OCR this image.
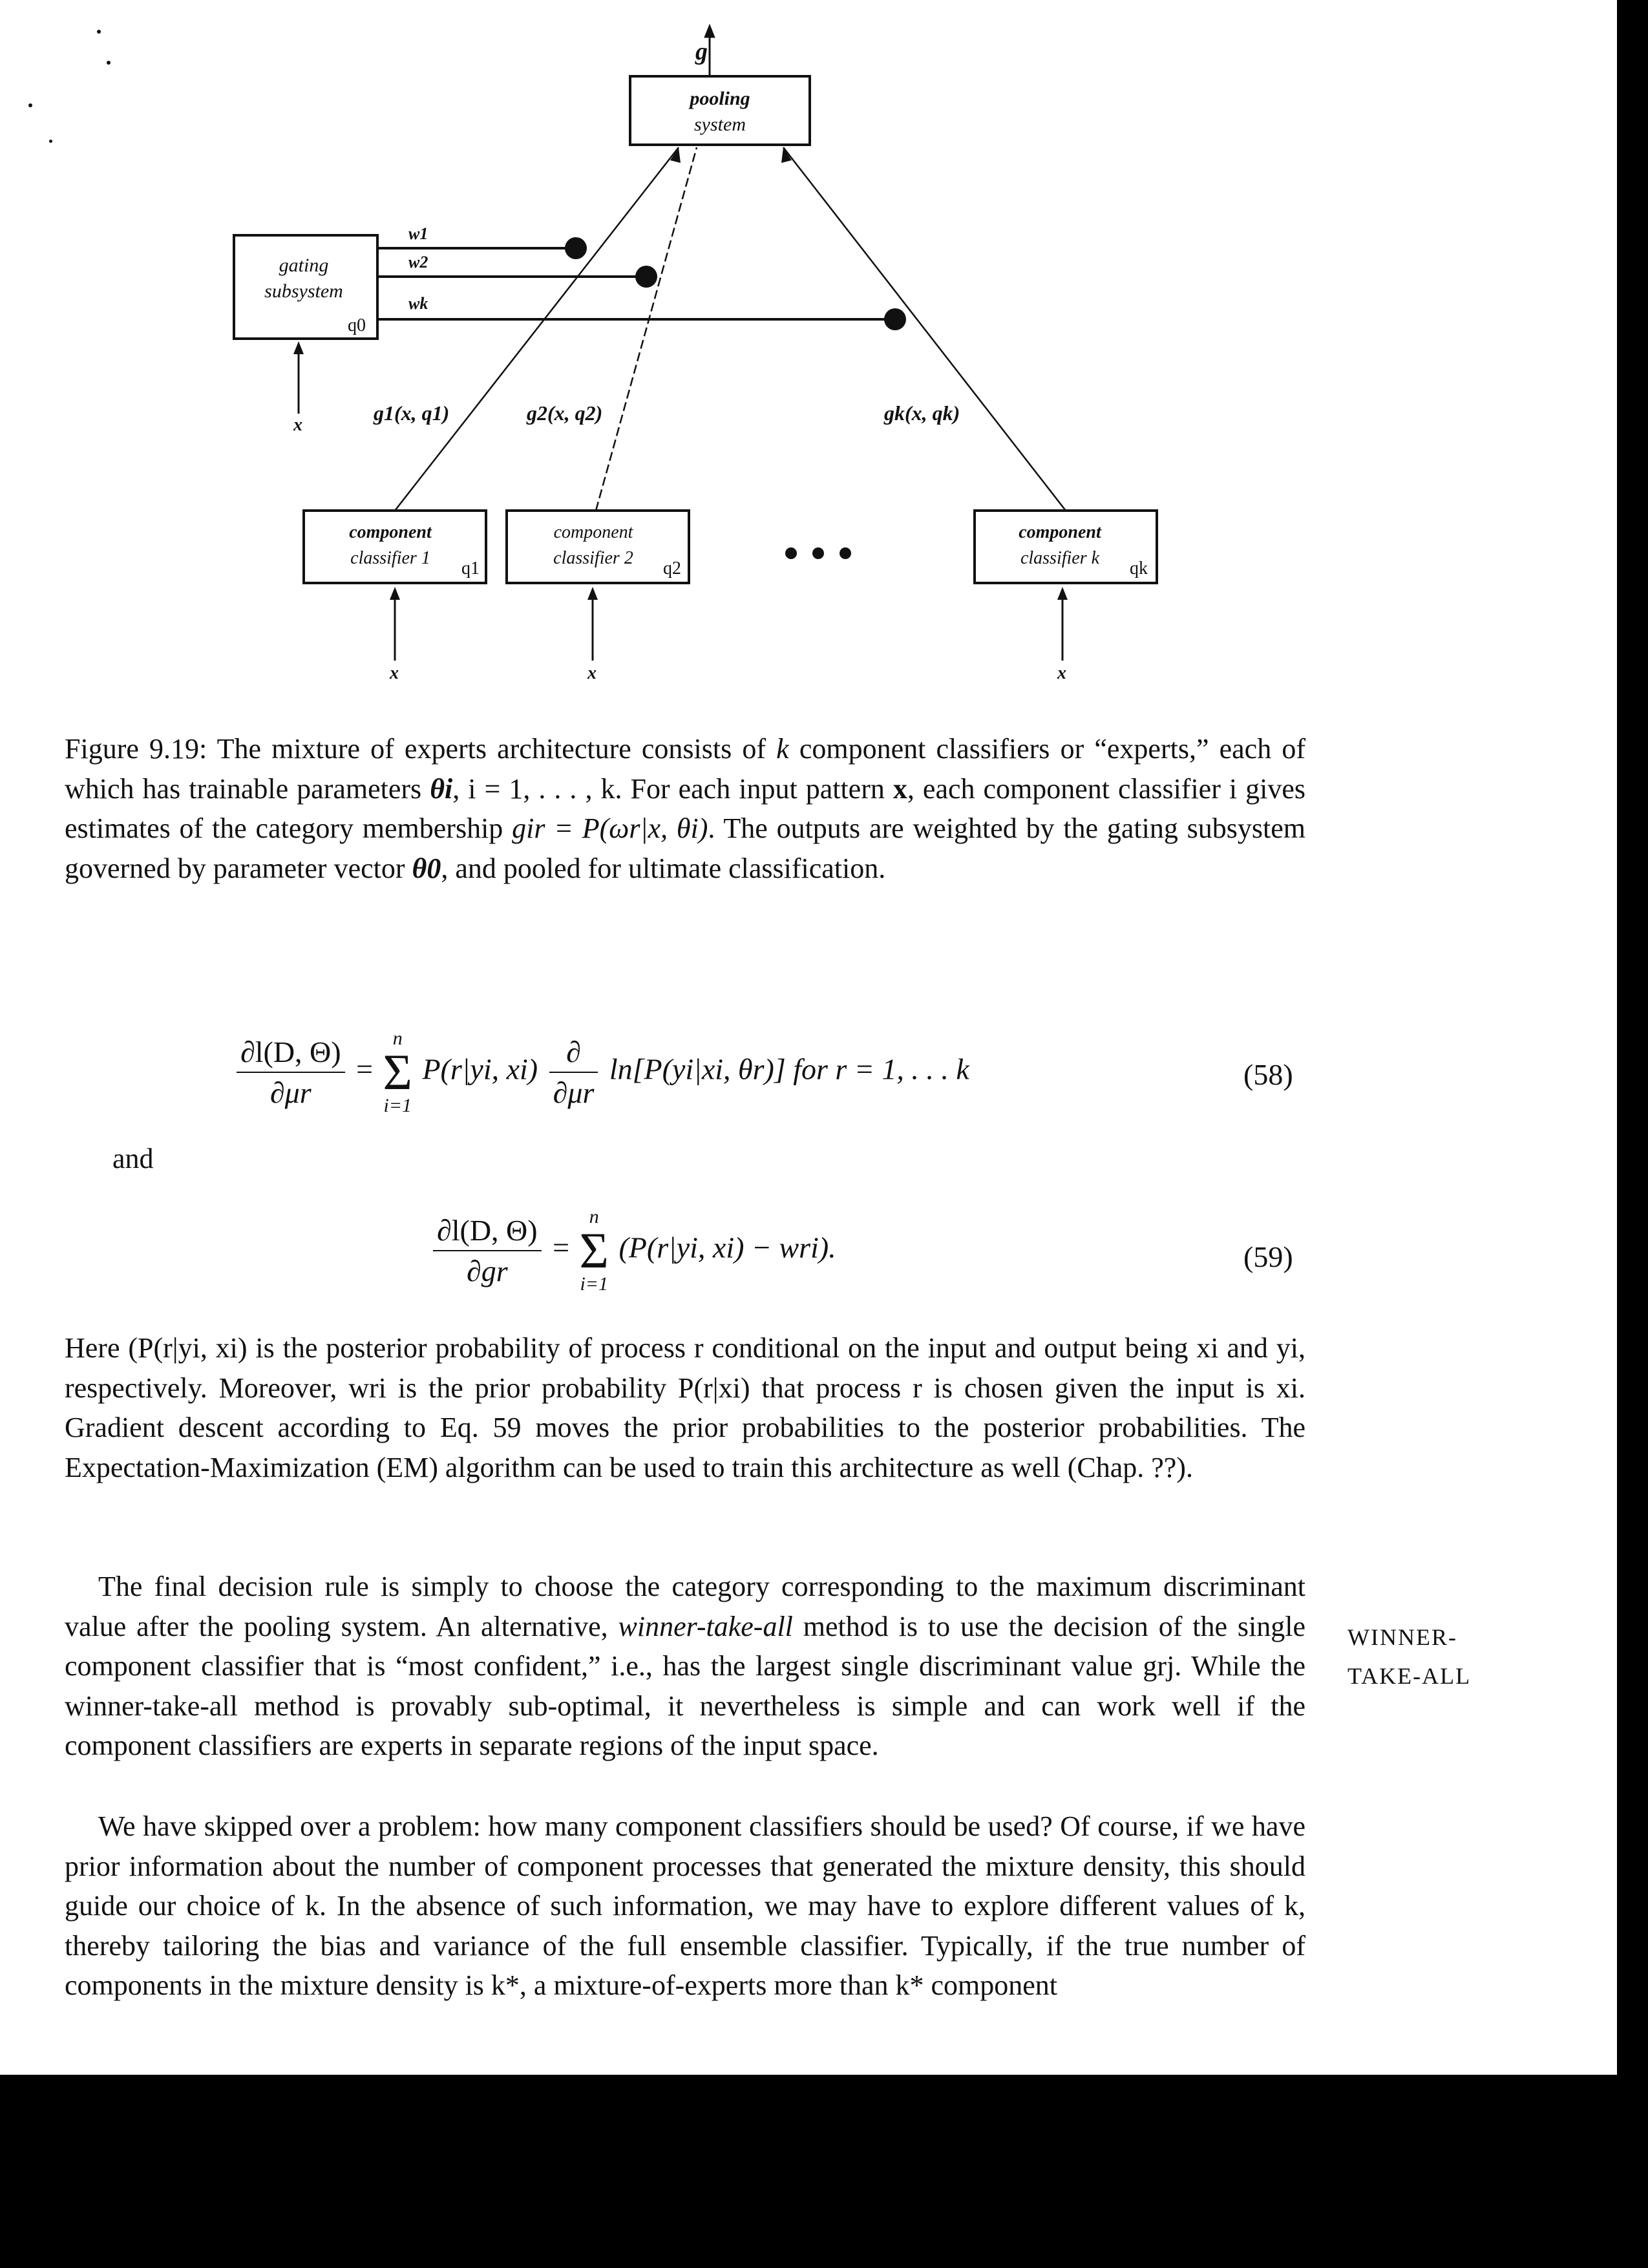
g
pooling
system
gating
subsystem
q0
w1
w2
wk
x
g1(x, q1)	g2(x, q2)	gk(x, qk)
component
classifier 1
q1
component
classifier 2
q2
component
classifier k
qk
x	x	x
• • •
Figure 9.19: The mixture of experts architecture consists of k component classifiers or “experts,” each of which has trainable parameters θi, i = 1, . . . , k. For each input pattern x, each component classifier i gives estimates of the category membership gir = P(ωr|x, θi). The outputs are weighted by the gating subsystem governed by parameter vector θ0, and pooled for ultimate classification.
$\frac{\partial l(D, \Theta)}{\partial\mu r}$ =
n
Σ
i=1
P(r|yi, $xi) \frac{\partial}{\partial\mu r} \ln[P(yi|xi$, θr)] for r = 1, . . . k	(58)
and
$\frac{\partial l(D, \Theta)}{\partial gr}$ =
n
Σ
i=1
(P(r|yi, xi) − wri).	(59)
Here (P(r|yi, xi) is the posterior probability of process r conditional on the input and output being xi and yi, respectively. Moreover, wri is the prior probability P(r|xi) that process r is chosen given the input is xi. Gradient descent according to Eq. 59 moves the prior probabilities to the posterior probabilities. The Expectation-Maximization (EM) algorithm can be used to train this architecture as well (Chap. ??).
The final decision rule is simply to choose the category corresponding to the maximum discriminant value after the pooling system. An alternative, winner-take-all method is to use the decision of the single component classifier that is “most confident,” i.e., has the largest single discriminant value grj. While the winner-take-all method is provably sub-optimal, it nevertheless is simple and can work well if the component classifiers are experts in separate regions of the input space.
WINNER-
TAKE-ALL
We have skipped over a problem: how many component classifiers should be used? Of course, if we have prior information about the number of component processes that generated the mixture density, this should guide our choice of k. In the absence of such information, we may have to explore different values of k, thereby tailoring the bias and variance of the full ensemble classifier. Typically, if the true number of components in the mixture density is k*, a mixture-of-experts more than k* component
